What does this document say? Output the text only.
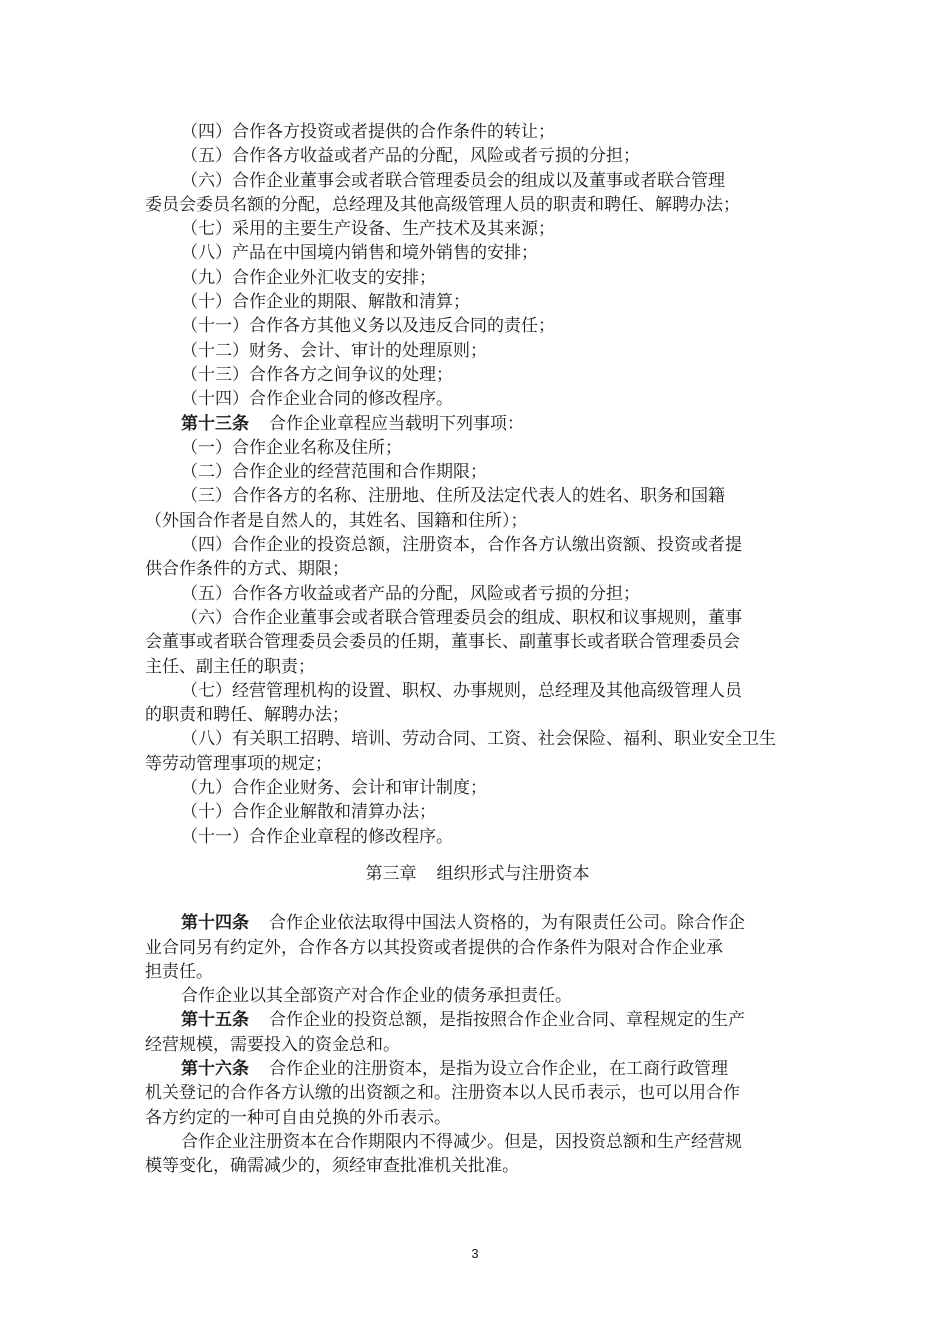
（四）合作各方投资或者提供的合作条件的转让；

（五）合作各方收益或者产品的分配，风险或者亏损的分担；

（六）合作企业董事会或者联合管理委员会的组成以及董事或者联合管理

委员会委员名额的分配，总经理及其他高级管理人员的职责和聘任、解聘办法；

（七）采用的主要生产设备、生产技术及其来源；

（八）产品在中国境内销售和境外销售的安排；

（九）合作企业外汇收支的安排；

（十）合作企业的期限、解散和清算；

（十一）合作各方其他义务以及违反合同的责任；

（十二）财务、会计、审计的处理原则；

（十三）合作各方之间争议的处理；

（十四）合作企业合同的修改程序。

第十三条 合作企业章程应当载明下列事项：

（一）合作企业名称及住所；

（二）合作企业的经营范围和合作期限；

（三）合作各方的名称、注册地、住所及法定代表人的姓名、职务和国籍

（外国合作者是自然人的，其姓名、国籍和住所）；

（四）合作企业的投资总额，注册资本，合作各方认缴出资额、投资或者提

供合作条件的方式、期限；

（五）合作各方收益或者产品的分配，风险或者亏损的分担；

（六）合作企业董事会或者联合管理委员会的组成、职权和议事规则，董事

会董事或者联合管理委员会委员的任期，董事长、副董事长或者联合管理委员会

主任、副主任的职责；

（七）经营管理机构的设置、职权、办事规则，总经理及其他高级管理人员

的职责和聘任、解聘办法；

（八）有关职工招聘、培训、劳动合同、工资、社会保险、福利、职业安全卫生

等劳动管理事项的规定；

（九）合作企业财务、会计和审计制度；

（十）合作企业解散和清算办法；

（十一）合作企业章程的修改程序。

第三章 组织形式与注册资本

第十四条 合作企业依法取得中国法人资格的，为有限责任公司。除合作企

业合同另有约定外，合作各方以其投资或者提供的合作条件为限对合作企业承

担责任。

合作企业以其全部资产对合作企业的债务承担责任。

第十五条 合作企业的投资总额，是指按照合作企业合同、章程规定的生产

经营规模，需要投入的资金总和。

第十六条 合作企业的注册资本，是指为设立合作企业，在工商行政管理

机关登记的合作各方认缴的出资额之和。注册资本以人民币表示，也可以用合作

各方约定的一种可自由兑换的外币表示。

合作企业注册资本在合作期限内不得减少。但是，因投资总额和生产经营规

模等变化，确需减少的，须经审查批准机关批准。

3
